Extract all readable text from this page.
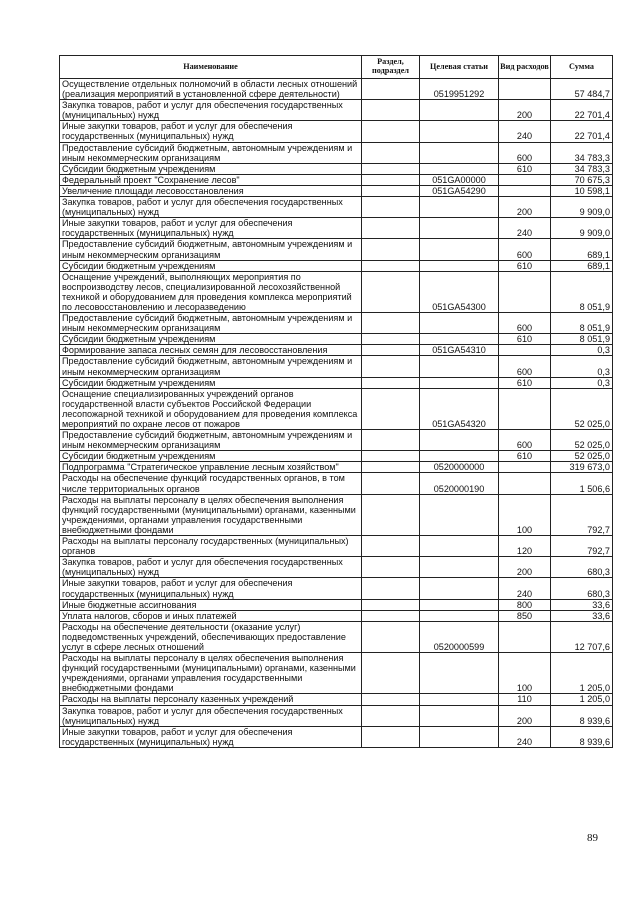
Наименование	Раздел, подраздел	Целевая статьи	Вид расходов	Сумма
Осуществление отдельных полномочий в области лесных отношений (реализация мероприятий в установленной сфере деятельности)		0519951292		57 484,7
Закупка товаров, работ и услуг для обеспечения государственных (муниципальных) нужд			200	22 701,4
Иные закупки товаров, работ и услуг для обеспечения государственных (муниципальных) нужд			240	22 701,4
Предоставление субсидий бюджетным, автономным учреждениям и иным некоммерческим организациям			600	34 783,3
Субсидии бюджетным учреждениям			610	34 783,3
Федеральный проект "Сохранение лесов"		051GA00000		70 675,3
Увеличение площади лесовосстановления		051GA54290		10 598,1
Закупка товаров, работ и услуг для обеспечения государственных (муниципальных) нужд			200	9 909,0
Иные закупки товаров, работ и услуг для обеспечения государственных (муниципальных) нужд			240	9 909,0
Предоставление субсидий бюджетным, автономным учреждениям и иным некоммерческим организациям			600	689,1
Субсидии бюджетным учреждениям			610	689,1
Оснащение учреждений, выполняющих мероприятия по воспроизводству лесов, специализированной лесохозяйственной техникой и оборудованием для проведения комплекса мероприятий по лесовосстановлению и лесоразведению		051GA54300		8 051,9
Предоставление субсидий бюджетным, автономным учреждениям и иным некоммерческим организациям			600	8 051,9
Субсидии бюджетным учреждениям			610	8 051,9
Формирование запаса лесных семян для лесовосстановления		051GA54310		0,3
Предоставление субсидий бюджетным, автономным учреждениям и иным некоммерческим организациям			600	0,3
Субсидии бюджетным учреждениям			610	0,3
Оснащение специализированных учреждений органов государственной власти субъектов Российской Федерации лесопожарной техникой и оборудованием для проведения комплекса мероприятий по охране лесов от пожаров		051GA54320		52 025,0
Предоставление субсидий бюджетным, автономным учреждениям и иным некоммерческим организациям			600	52 025,0
Субсидии бюджетным учреждениям			610	52 025,0
Подпрограмма "Стратегическое управление лесным хозяйством"		0520000000		319 673,0
Расходы на обеспечение функций государственных органов, в том числе территориальных органов		0520000190		1 506,6
Расходы на выплаты персоналу в целях обеспечения выполнения функций государственными (муниципальными) органами, казенными учреждениями, органами управления государственными внебюджетными фондами			100	792,7
Расходы на выплаты персоналу государственных (муниципальных) органов			120	792,7
Закупка товаров, работ и услуг для обеспечения государственных (муниципальных) нужд			200	680,3
Иные закупки товаров, работ и услуг для обеспечения государственных (муниципальных) нужд			240	680,3
Иные бюджетные ассигнования			800	33,6
Уплата налогов, сборов и иных платежей			850	33,6
Расходы на обеспечение деятельности (оказание услуг) подведомственных учреждений, обеспечивающих предоставление услуг в сфере лесных отношений		0520000599		12 707,6
Расходы на выплаты персоналу в целях обеспечения выполнения функций государственными (муниципальными) органами, казенными учреждениями, органами управления государственными внебюджетными фондами			100	1 205,0
Расходы на выплаты персоналу казенных учреждений			110	1 205,0
Закупка товаров, работ и услуг для обеспечения государственных (муниципальных) нужд			200	8 939,6
Иные закупки товаров, работ и услуг для обеспечения государственных (муниципальных) нужд			240	8 939,6
89
